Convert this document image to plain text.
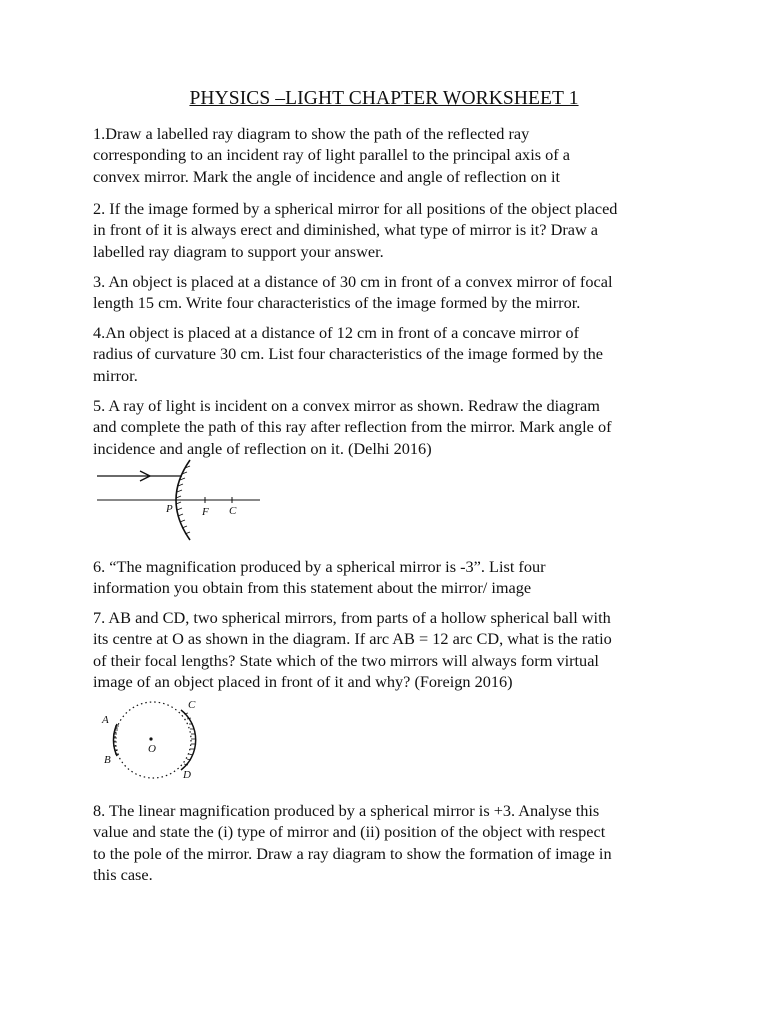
PHYSICS –LIGHT CHAPTER WORKSHEET 1
1.Draw a labelled ray diagram to show the path of the reflected ray
corresponding to an incident ray of light parallel to the principal axis of a
convex mirror. Mark the angle of incidence and angle of reflection on it
2. If the image formed by a spherical mirror for all positions of the object placed
in front of it is always erect and diminished, what type of mirror is it? Draw a
labelled ray diagram to support your answer.
3. An object is placed at a distance of 30 cm in front of a convex mirror of focal
length 15 cm. Write four characteristics of the image formed by the mirror.
4.An object is placed at a distance of 12 cm in front of a concave mirror of
radius of curvature 30 cm. List four characteristics of the image formed by the
mirror.
5. A ray of light is incident on a convex mirror as shown. Redraw the diagram
and complete the path of this ray after reflection from the mirror. Mark angle of
incidence and angle of reflection on it. (Delhi 2016)
P	F C
6. “The magnification produced by a spherical mirror is -3”. List four
information you obtain from this statement about the mirror/ image
7. AB and CD, two spherical mirrors, from parts of a hollow spherical ball with
its centre at O as shown in the diagram. If arc AB = 12 arc CD, what is the ratio
of their focal lengths? State which of the two mirrors will always form virtual
image of an object placed in front of it and why? (Foreign 2016)
A
B
C
D
O
8. The linear magnification produced by a spherical mirror is +3. Analyse this
value and state the (i) type of mirror and (ii) position of the object with respect
to the pole of the mirror. Draw a ray diagram to show the formation of image in
this case.
